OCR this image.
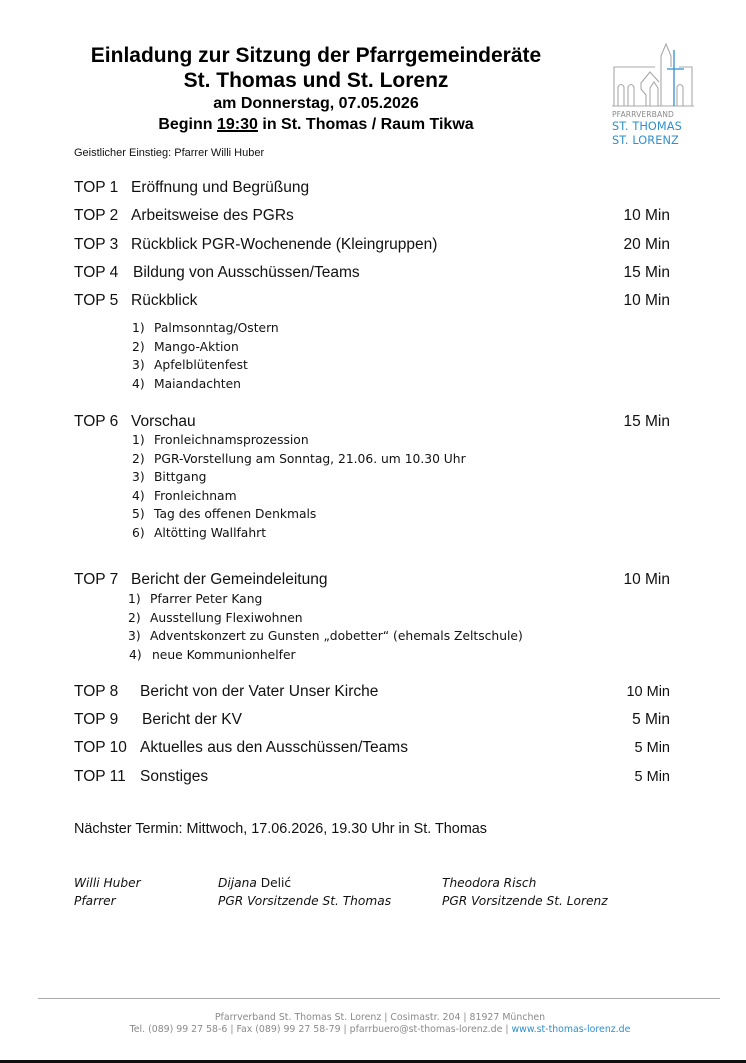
Einladung zur Sitzung der Pfarrgemeinderäte
St. Thomas und St. Lorenz
am Donnerstag, 07.05.2026
Beginn 19:30 in St. Thomas / Raum Tikwa
PFARRVERBAND
ST. THOMAS
ST. LORENZ
Geistlicher Einstieg: Pfarrer Willi Huber
TOP 1 Eröffnung und Begrüßung
TOP 2 Arbeitsweise des PGRs	10 Min
TOP 3 Rückblick PGR-Wochenende (Kleingruppen)	20 Min
TOP 4 Bildung von Ausschüssen/Teams	15 Min
TOP 5 Rückblick	10 Min
1) Palmsonntag/Ostern
2) Mango-Aktion
3) Apfelblütenfest
4) Maiandachten
TOP 6 Vorschau	15 Min
1) Fronleichnamsprozession
2) PGR-Vorstellung am Sonntag, 21.06. um 10.30 Uhr
3) Bittgang
4) Fronleichnam
5) Tag des offenen Denkmals
6) Altötting Wallfahrt
TOP 7 Bericht der Gemeindeleitung	10 Min
1) Pfarrer Peter Kang
2) Ausstellung Flexiwohnen
3) Adventskonzert zu Gunsten „dobetter“ (ehemals Zeltschule)
4) neue Kommunionhelfer
TOP 8 Bericht von der Vater Unser Kirche	10 Min
TOP 9 Bericht der KV	5 Min
TOP 10 Aktuelles aus den Ausschüssen/Teams	5 Min
TOP 11 Sonstiges	5 Min
Nächster Termin: Mittwoch, 17.06.2026, 19.30 Uhr in St. Thomas
Willi Huber
Pfarrer
Dijana Delić
PGR Vorsitzende St. Thomas
Theodora Risch
PGR Vorsitzende St. Lorenz
Pfarrverband St. Thomas St. Lorenz | Cosimastr. 204 | 81927 München
Tel. (089) 99 27 58-6 | Fax (089) 99 27 58-79 | pfarrbuero@st-thomas-lorenz.de | www.st-thomas-lorenz.de
